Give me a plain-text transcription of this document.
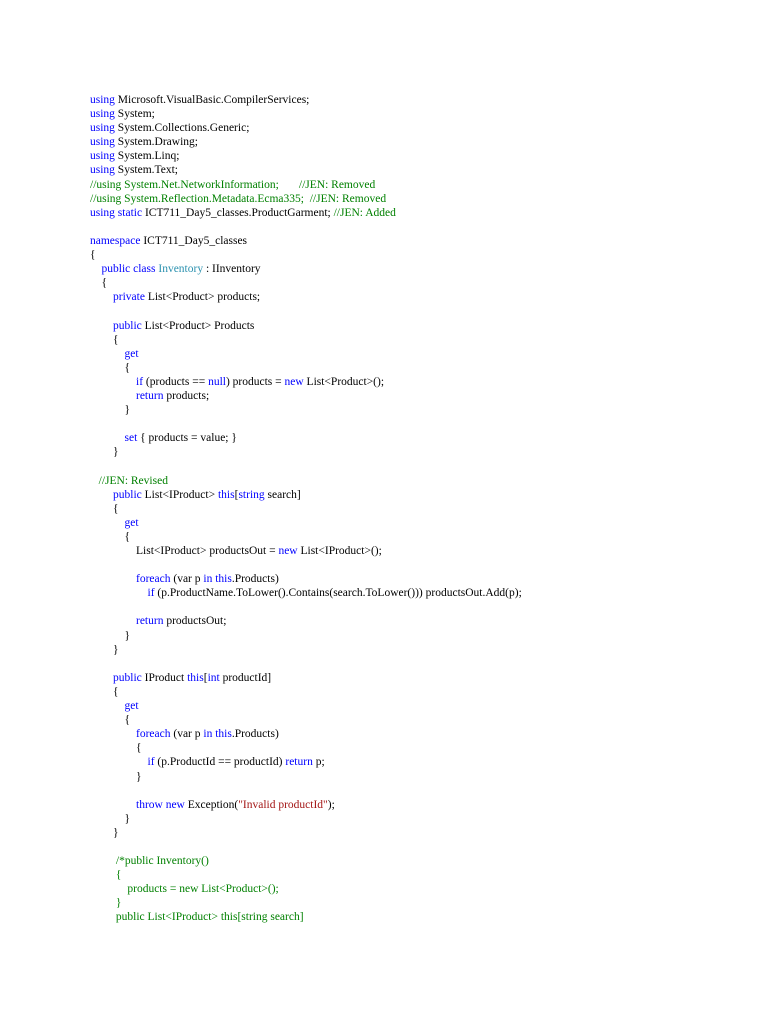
using Microsoft.VisualBasic.CompilerServices;
using System;
using System.Collections.Generic;
using System.Drawing;
using System.Linq;
using System.Text;
//using System.Net.NetworkInformation;       //JEN: Removed
//using System.Reflection.Metadata.Ecma335;  //JEN: Removed
using static ICT711_Day5_classes.ProductGarment; //JEN: Added

namespace ICT711_Day5_classes
{
public class Inventory : IInventory
{
private List<Product> products;

public List<Product> Products
{
get
{
if (products == null) products = new List<Product>();
return products;
}

set { products = value; }
}

//JEN: Revised
public List<IProduct> this[string search]
{
get
{
List<IProduct> productsOut = new List<IProduct>();

foreach (var p in this.Products)
if (p.ProductName.ToLower().Contains(search.ToLower())) productsOut.Add(p);

return productsOut;
}
}

public IProduct this[int productId]
{
get
{
foreach (var p in this.Products)
{
if (p.ProductId == productId) return p;
}

throw new Exception("Invalid productId");
}
}

/*public Inventory()
{
products = new List<Product>();
}
public List<IProduct> this[string search]
